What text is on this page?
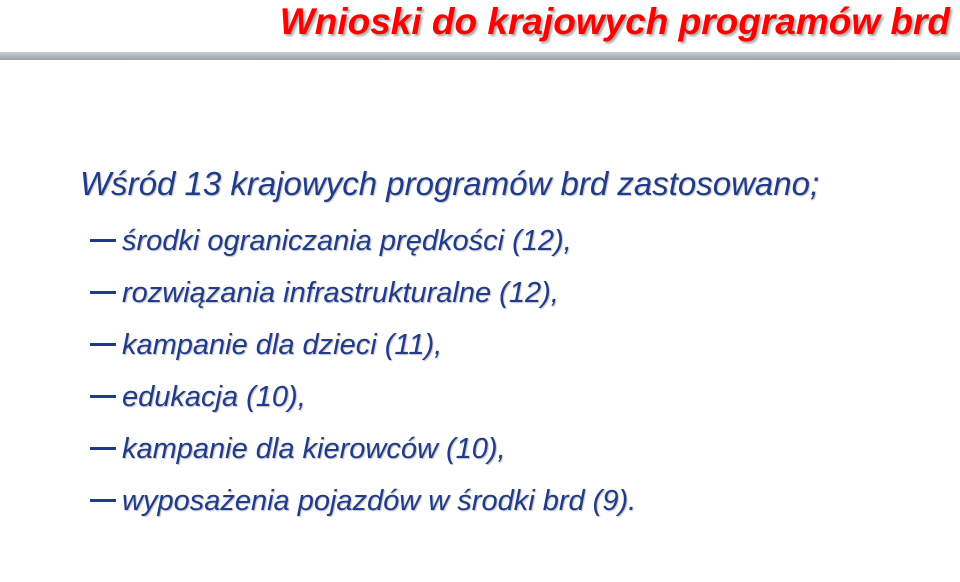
Wnioski do krajowych programów brd

Wśród 13 krajowych programów brd zastosowano;

środki ograniczania prędkości (12),
rozwiązania infrastrukturalne (12),
kampanie dla dzieci (11),
edukacja (10),
kampanie dla kierowców (10),
wyposażenia pojazdów w środki brd (9).
